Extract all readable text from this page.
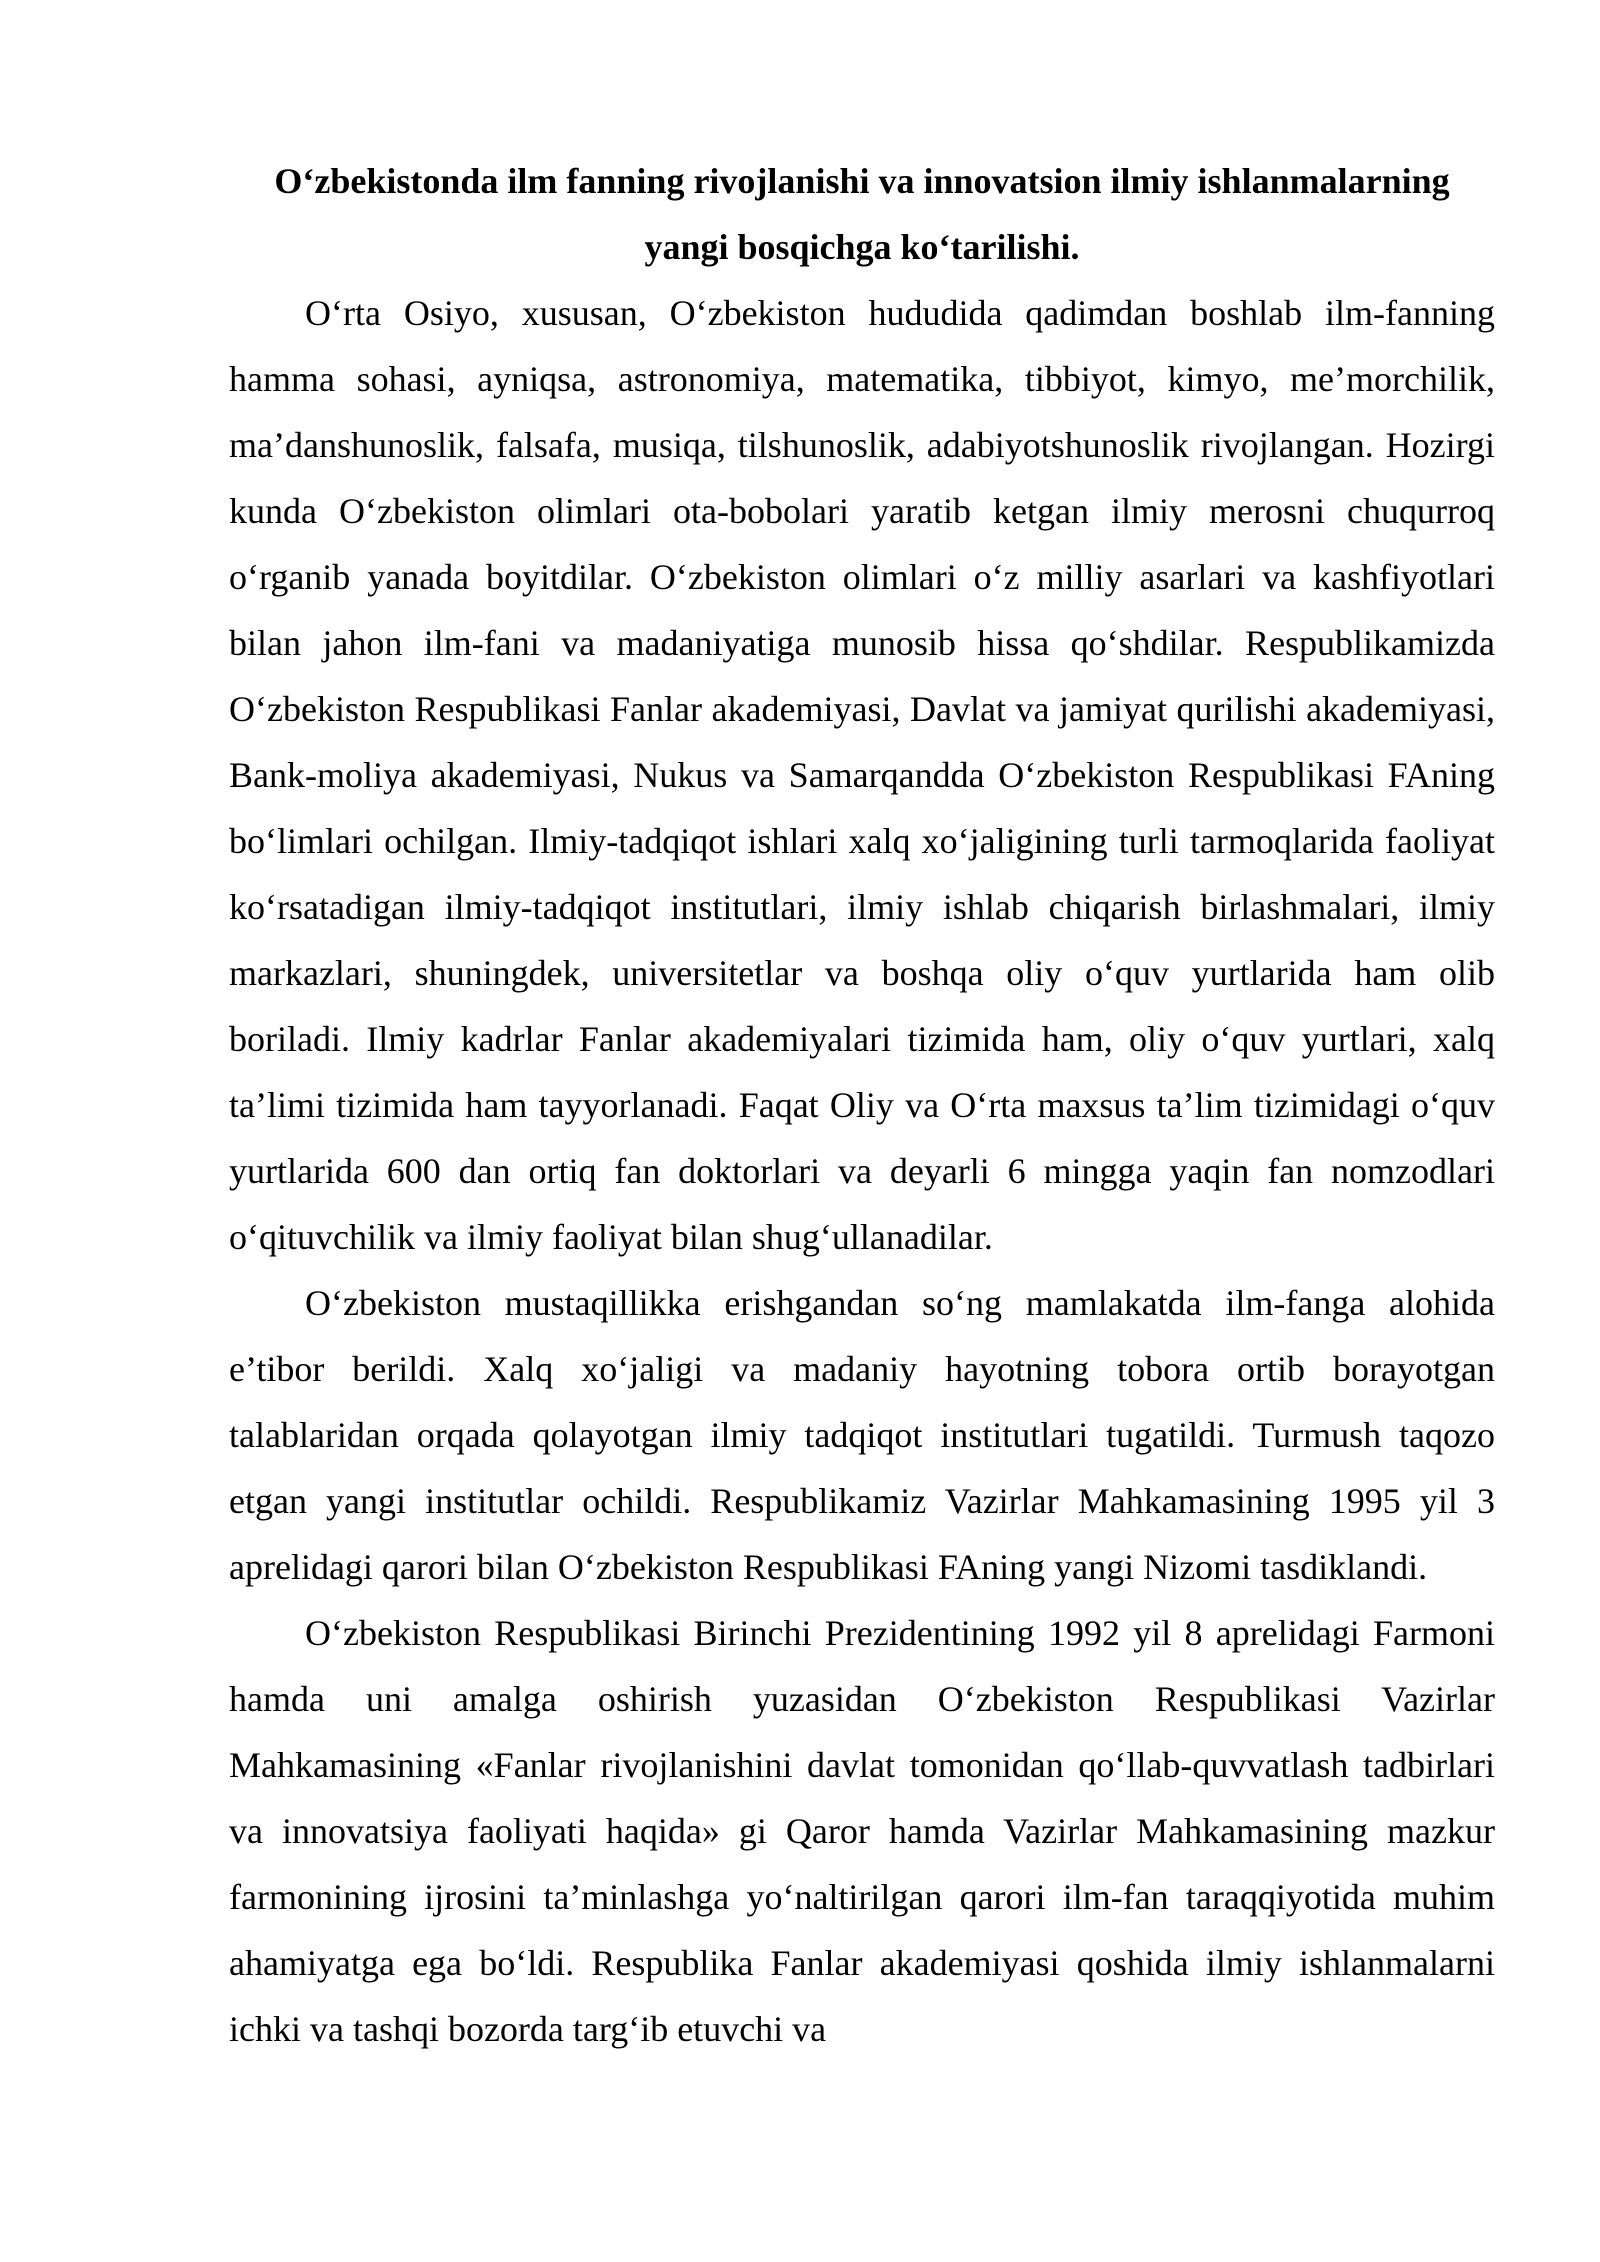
O‘zbekistonda ilm fanning rivojlanishi va innovatsion ilmiy ishlanmalarning yangi bosqichga ko‘tarilishi.

O‘rta Osiyo, xususan, O‘zbekiston hududida qadimdan boshlab ilm-fanning hamma sohasi, ayniqsa, astronomiya, matematika, tibbiyot, kimyo, me’morchilik, ma’danshunoslik, falsafa, musiqa, tilshunoslik, adabiyotshunoslik rivojlangan. Hozirgi kunda O‘zbekiston olimlari ota-bobolari yaratib ketgan ilmiy merosni chuqurroq o‘rganib yanada boyitdilar. O‘zbekiston olimlari o‘z milliy asarlari va kashfiyotlari bilan jahon ilm-fani va madaniyatiga munosib hissa qo‘shdilar. Respublikamizda O‘zbekiston Respublikasi Fanlar akademiyasi, Davlat va jamiyat qurilishi akademiyasi, Bank-moliya akademiyasi, Nukus va Samarqandda O‘zbekiston Respublikasi FAning bo‘limlari ochilgan. Ilmiy-tadqiqot ishlari xalq xo‘jaligining turli tarmoqlarida faoliyat ko‘rsatadigan ilmiy-tadqiqot institutlari, ilmiy ishlab chiqarish birlashmalari, ilmiy markazlari, shuningdek, universitetlar va boshqa oliy o‘quv yurtlarida ham olib boriladi. Ilmiy kadrlar Fanlar akademiyalari tizimida ham, oliy o‘quv yurtlari, xalq ta’limi tizimida ham tayyorlanadi. Faqat Oliy va O‘rta maxsus ta’lim tizimidagi o‘quv yurtlarida 600 dan ortiq fan doktorlari va deyarli 6 mingga yaqin fan nomzodlari o‘qituvchilik va ilmiy faoliyat bilan shug‘ullanadilar.

O‘zbekiston mustaqillikka erishgandan so‘ng mamlakatda ilm-fanga alohida e’tibor berildi. Xalq xo‘jaligi va madaniy hayotning tobora ortib borayotgan talablaridan orqada qolayotgan ilmiy tadqiqot institutlari tugatildi. Turmush taqozo etgan yangi institutlar ochildi. Respublikamiz Vazirlar Mahkamasining 1995 yil 3 aprelidagi qarori bilan O‘zbekiston Respublikasi FAning yangi Nizomi tasdiklandi.

O‘zbekiston Respublikasi Birinchi Prezidentining 1992 yil 8 aprelidagi Farmoni hamda uni amalga oshirish yuzasidan O‘zbekiston Respublikasi Vazirlar Mahkamasining «Fanlar rivojlanishini davlat tomonidan qo‘llab-quvvatlash tadbirlari va innovatsiya faoliyati haqida» gi Qaror hamda Vazirlar Mahkamasining mazkur farmonining ijrosini ta’minlashga yo‘naltirilgan qarori ilm-fan taraqqiyotida muhim ahamiyatga ega bo‘ldi. Respublika Fanlar akademiyasi qoshida ilmiy ishlanmalarni ichki va tashqi bozorda targ‘ib etuvchi va
